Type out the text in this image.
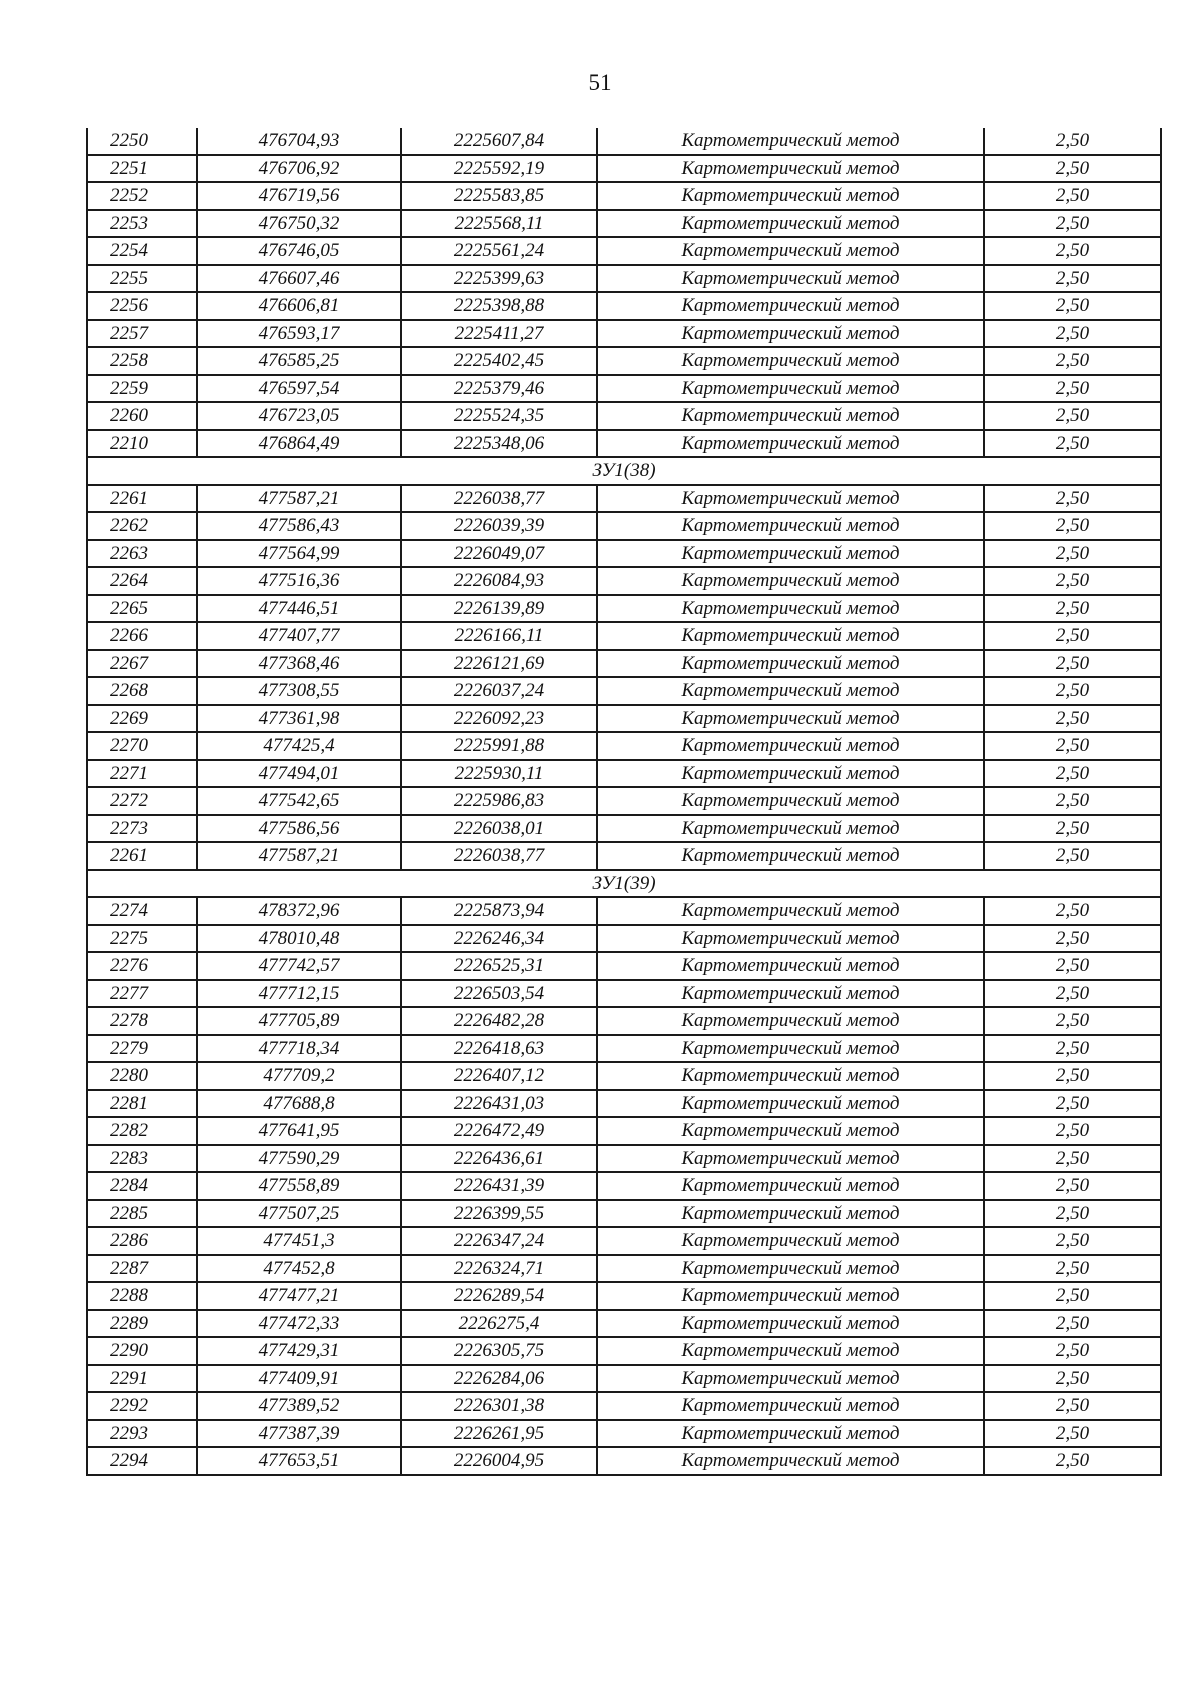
51
2250	476704,93	2225607,84	Картометрический метод	2,50
2251	476706,92	2225592,19	Картометрический метод	2,50
2252	476719,56	2225583,85	Картометрический метод	2,50
2253	476750,32	2225568,11	Картометрический метод	2,50
2254	476746,05	2225561,24	Картометрический метод	2,50
2255	476607,46	2225399,63	Картометрический метод	2,50
2256	476606,81	2225398,88	Картометрический метод	2,50
2257	476593,17	2225411,27	Картометрический метод	2,50
2258	476585,25	2225402,45	Картометрический метод	2,50
2259	476597,54	2225379,46	Картометрический метод	2,50
2260	476723,05	2225524,35	Картометрический метод	2,50
2210	476864,49	2225348,06	Картометрический метод	2,50
ЗУ1(38)				
2261	477587,21	2226038,77	Картометрический метод	2,50
2262	477586,43	2226039,39	Картометрический метод	2,50
2263	477564,99	2226049,07	Картометрический метод	2,50
2264	477516,36	2226084,93	Картометрический метод	2,50
2265	477446,51	2226139,89	Картометрический метод	2,50
2266	477407,77	2226166,11	Картометрический метод	2,50
2267	477368,46	2226121,69	Картометрический метод	2,50
2268	477308,55	2226037,24	Картометрический метод	2,50
2269	477361,98	2226092,23	Картометрический метод	2,50
2270	477425,4	2225991,88	Картометрический метод	2,50
2271	477494,01	2225930,11	Картометрический метод	2,50
2272	477542,65	2225986,83	Картометрический метод	2,50
2273	477586,56	2226038,01	Картометрический метод	2,50
2261	477587,21	2226038,77	Картометрический метод	2,50
ЗУ1(39)				
2274	478372,96	2225873,94	Картометрический метод	2,50
2275	478010,48	2226246,34	Картометрический метод	2,50
2276	477742,57	2226525,31	Картометрический метод	2,50
2277	477712,15	2226503,54	Картометрический метод	2,50
2278	477705,89	2226482,28	Картометрический метод	2,50
2279	477718,34	2226418,63	Картометрический метод	2,50
2280	477709,2	2226407,12	Картометрический метод	2,50
2281	477688,8	2226431,03	Картометрический метод	2,50
2282	477641,95	2226472,49	Картометрический метод	2,50
2283	477590,29	2226436,61	Картометрический метод	2,50
2284	477558,89	2226431,39	Картометрический метод	2,50
2285	477507,25	2226399,55	Картометрический метод	2,50
2286	477451,3	2226347,24	Картометрический метод	2,50
2287	477452,8	2226324,71	Картометрический метод	2,50
2288	477477,21	2226289,54	Картометрический метод	2,50
2289	477472,33	2226275,4	Картометрический метод	2,50
2290	477429,31	2226305,75	Картометрический метод	2,50
2291	477409,91	2226284,06	Картометрический метод	2,50
2292	477389,52	2226301,38	Картометрический метод	2,50
2293	477387,39	2226261,95	Картометрический метод	2,50
2294	477653,51	2226004,95	Картометрический метод	2,50
